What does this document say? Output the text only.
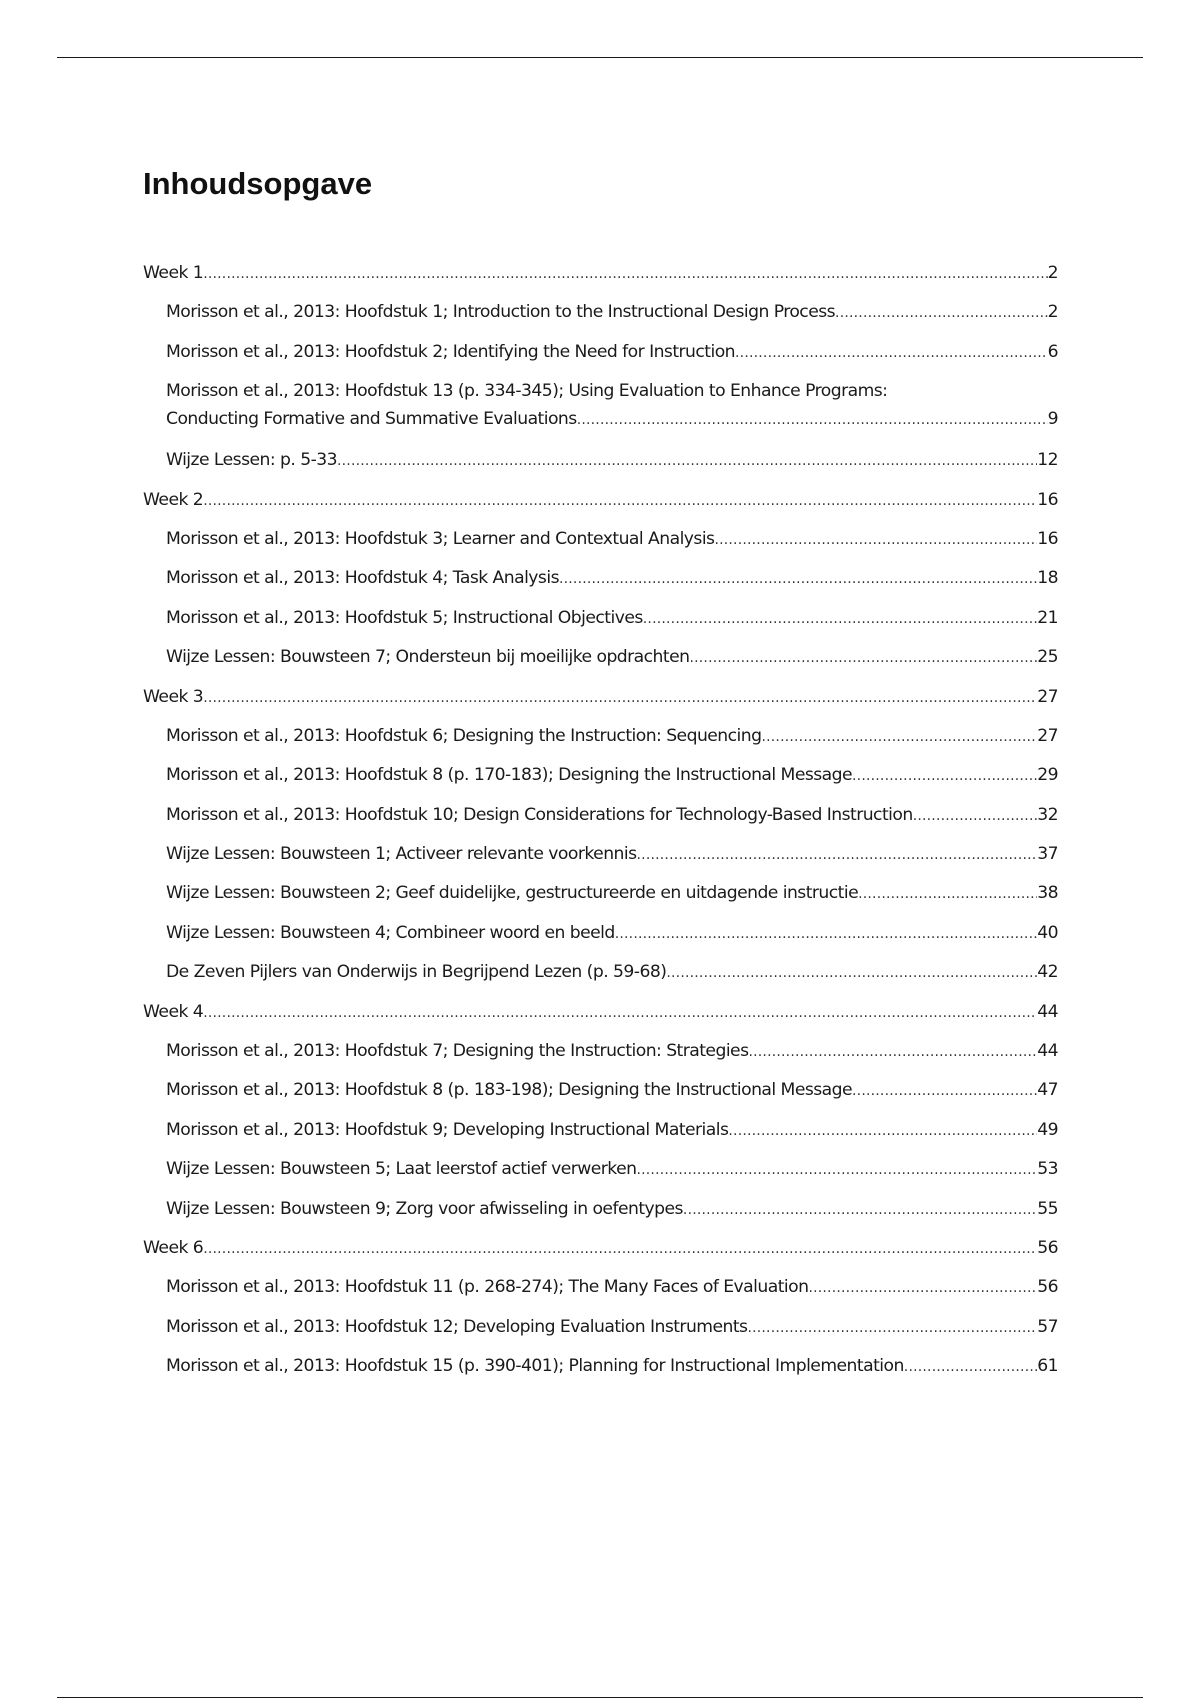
Inhoudsopgave
Week 1 .....	2
Morisson et al., 2013: Hoofdstuk 1; Introduction to the Instructional Design Process .....	2
Morisson et al., 2013: Hoofdstuk 2; Identifying the Need for Instruction .....	6
Morisson et al., 2013: Hoofdstuk 13 (p. 334-345); Using Evaluation to Enhance Programs:
Conducting Formative and Summative Evaluations .....	9
Wijze Lessen: p. 5-33 .....	12
Week 2 .....	16
Morisson et al., 2013: Hoofdstuk 3; Learner and Contextual Analysis .....	16
Morisson et al., 2013: Hoofdstuk 4; Task Analysis .....	18
Morisson et al., 2013: Hoofdstuk 5; Instructional Objectives .....	21
Wijze Lessen: Bouwsteen 7; Ondersteun bij moeilijke opdrachten .....	25
Week 3 .....	27
Morisson et al., 2013: Hoofdstuk 6; Designing the Instruction: Sequencing .....	27
Morisson et al., 2013: Hoofdstuk 8 (p. 170-183); Designing the Instructional Message .....	29
Morisson et al., 2013: Hoofdstuk 10; Design Considerations for Technology-Based Instruction .....	32
Wijze Lessen: Bouwsteen 1; Activeer relevante voorkennis .....	37
Wijze Lessen: Bouwsteen 2; Geef duidelijke, gestructureerde en uitdagende instructie .....	38
Wijze Lessen: Bouwsteen 4; Combineer woord en beeld .....	40
De Zeven Pijlers van Onderwijs in Begrijpend Lezen (p. 59-68) .....	42
Week 4 .....	44
Morisson et al., 2013: Hoofdstuk 7; Designing the Instruction: Strategies .....	44
Morisson et al., 2013: Hoofdstuk 8 (p. 183-198); Designing the Instructional Message .....	47
Morisson et al., 2013: Hoofdstuk 9; Developing Instructional Materials .....	49
Wijze Lessen: Bouwsteen 5; Laat leerstof actief verwerken .....	53
Wijze Lessen: Bouwsteen 9; Zorg voor afwisseling in oefentypes .....	55
Week 6 .....	56
Morisson et al., 2013: Hoofdstuk 11 (p. 268-274); The Many Faces of Evaluation .....	56
Morisson et al., 2013: Hoofdstuk 12; Developing Evaluation Instruments .....	57
Morisson et al., 2013: Hoofdstuk 15 (p. 390-401); Planning for Instructional Implementation .....	61
